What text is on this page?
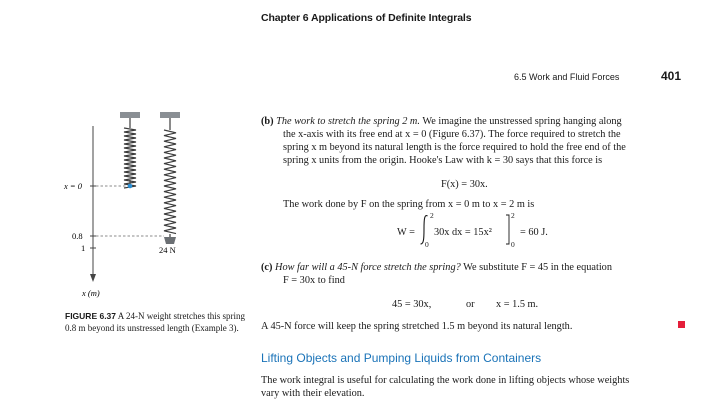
Chapter 6 Applications of Definite Integrals
6.5 Work and Fluid Forces	401
(b) The work to stretch the spring 2 m. We imagine the unstressed spring hanging along
the x-axis with its free end at x = 0 (Figure 6.37). The force required to stretch the
spring x m beyond its natural length is the force required to hold the free end of the
spring x units from the origin. Hooke's Law with k = 30 says that this force is
F(x) = 30x.
The work done by F on the spring from x = 0 m to x = 2 m is
W =
2
0
30x dx = 15x²
2
0
= 60 J.
(c) How far will a 45-N force stretch the spring? We substitute F = 45 in the equation
F = 30x to find
45 = 30x,	or x = 1.5 m.
A 45-N force will keep the spring stretched 1.5 m beyond its natural length.
Lifting Objects and Pumping Liquids from Containers
The work integral is useful for calculating the work done in lifting objects whose weights
vary with their elevation.
x = 0
0.8
1	24 N
x (m)
FIGURE 6.37 A 24-N weight stretches this spring 0.8 m beyond its unstressed length (Example 3).
